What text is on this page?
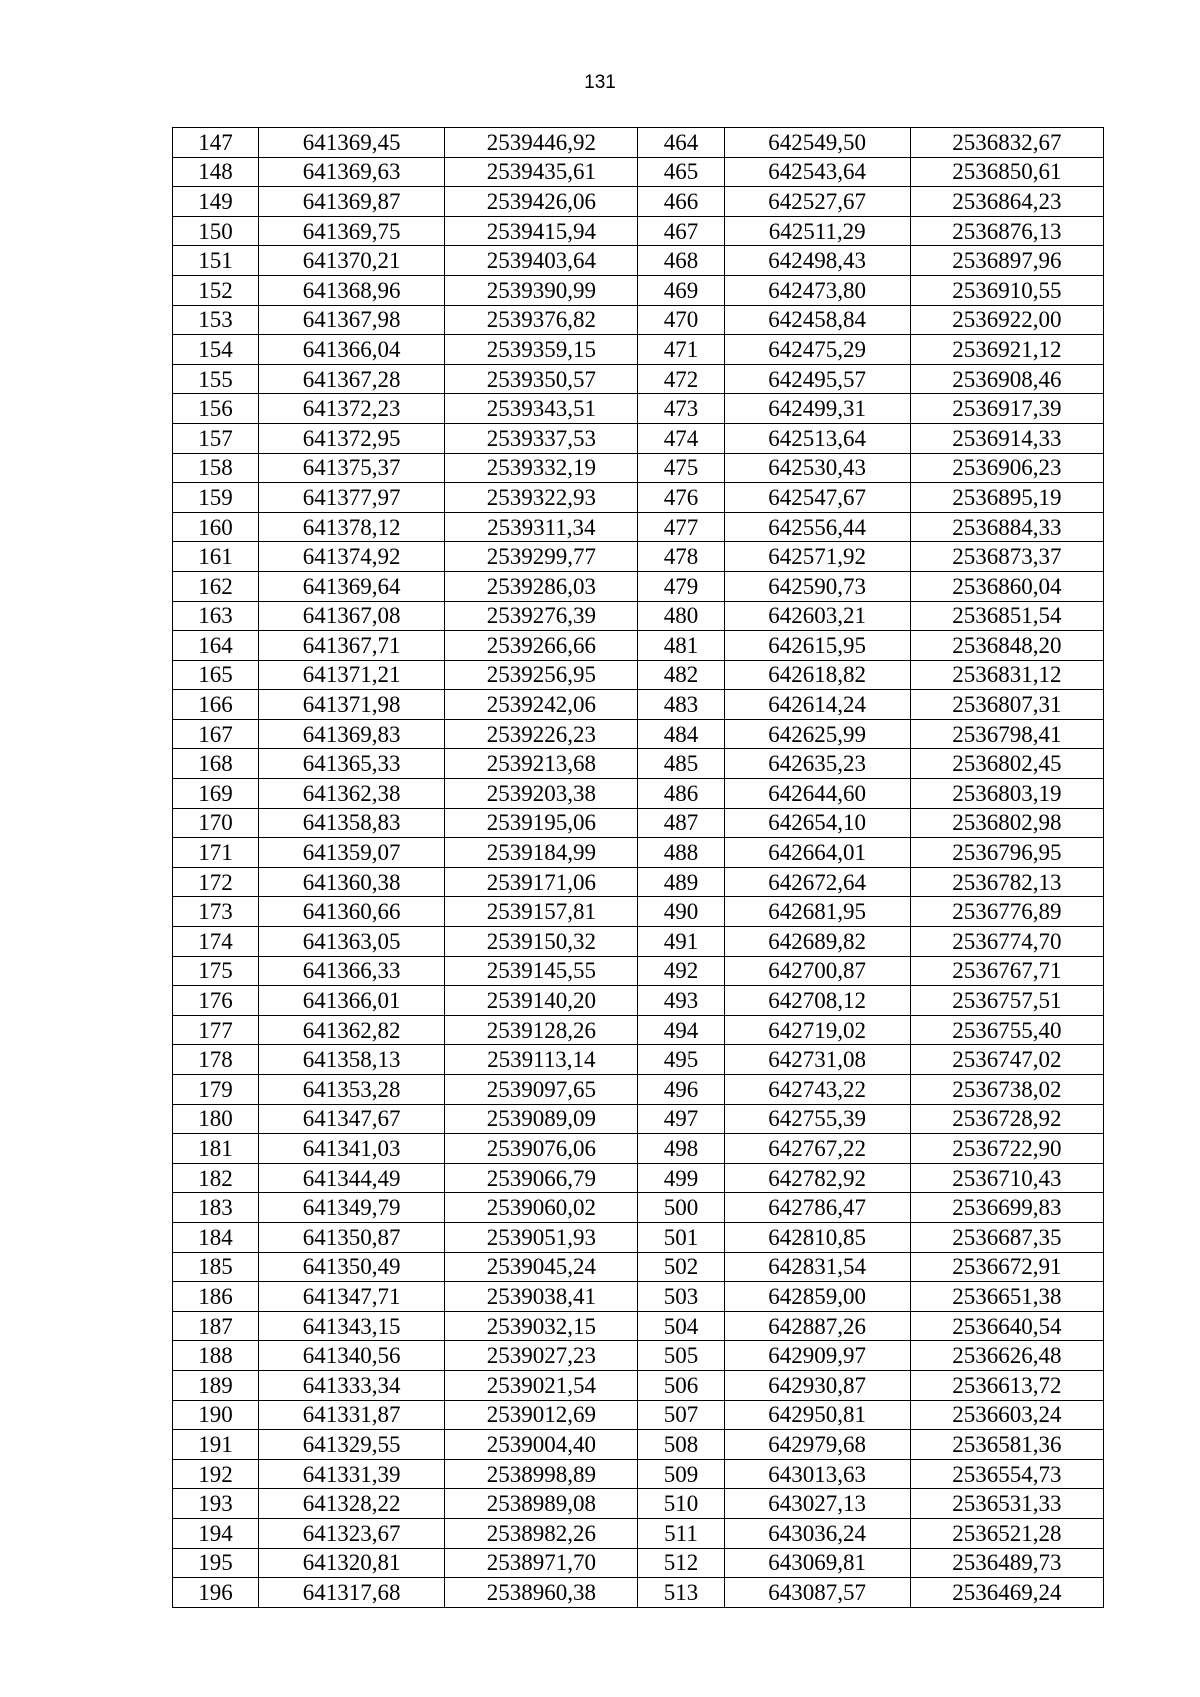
131
147	641369,45	2539446,92	464	642549,50	2536832,67
148	641369,63	2539435,61	465	642543,64	2536850,61
149	641369,87	2539426,06	466	642527,67	2536864,23
150	641369,75	2539415,94	467	642511,29	2536876,13
151	641370,21	2539403,64	468	642498,43	2536897,96
152	641368,96	2539390,99	469	642473,80	2536910,55
153	641367,98	2539376,82	470	642458,84	2536922,00
154	641366,04	2539359,15	471	642475,29	2536921,12
155	641367,28	2539350,57	472	642495,57	2536908,46
156	641372,23	2539343,51	473	642499,31	2536917,39
157	641372,95	2539337,53	474	642513,64	2536914,33
158	641375,37	2539332,19	475	642530,43	2536906,23
159	641377,97	2539322,93	476	642547,67	2536895,19
160	641378,12	2539311,34	477	642556,44	2536884,33
161	641374,92	2539299,77	478	642571,92	2536873,37
162	641369,64	2539286,03	479	642590,73	2536860,04
163	641367,08	2539276,39	480	642603,21	2536851,54
164	641367,71	2539266,66	481	642615,95	2536848,20
165	641371,21	2539256,95	482	642618,82	2536831,12
166	641371,98	2539242,06	483	642614,24	2536807,31
167	641369,83	2539226,23	484	642625,99	2536798,41
168	641365,33	2539213,68	485	642635,23	2536802,45
169	641362,38	2539203,38	486	642644,60	2536803,19
170	641358,83	2539195,06	487	642654,10	2536802,98
171	641359,07	2539184,99	488	642664,01	2536796,95
172	641360,38	2539171,06	489	642672,64	2536782,13
173	641360,66	2539157,81	490	642681,95	2536776,89
174	641363,05	2539150,32	491	642689,82	2536774,70
175	641366,33	2539145,55	492	642700,87	2536767,71
176	641366,01	2539140,20	493	642708,12	2536757,51
177	641362,82	2539128,26	494	642719,02	2536755,40
178	641358,13	2539113,14	495	642731,08	2536747,02
179	641353,28	2539097,65	496	642743,22	2536738,02
180	641347,67	2539089,09	497	642755,39	2536728,92
181	641341,03	2539076,06	498	642767,22	2536722,90
182	641344,49	2539066,79	499	642782,92	2536710,43
183	641349,79	2539060,02	500	642786,47	2536699,83
184	641350,87	2539051,93	501	642810,85	2536687,35
185	641350,49	2539045,24	502	642831,54	2536672,91
186	641347,71	2539038,41	503	642859,00	2536651,38
187	641343,15	2539032,15	504	642887,26	2536640,54
188	641340,56	2539027,23	505	642909,97	2536626,48
189	641333,34	2539021,54	506	642930,87	2536613,72
190	641331,87	2539012,69	507	642950,81	2536603,24
191	641329,55	2539004,40	508	642979,68	2536581,36
192	641331,39	2538998,89	509	643013,63	2536554,73
193	641328,22	2538989,08	510	643027,13	2536531,33
194	641323,67	2538982,26	511	643036,24	2536521,28
195	641320,81	2538971,70	512	643069,81	2536489,73
196	641317,68	2538960,38	513	643087,57	2536469,24
